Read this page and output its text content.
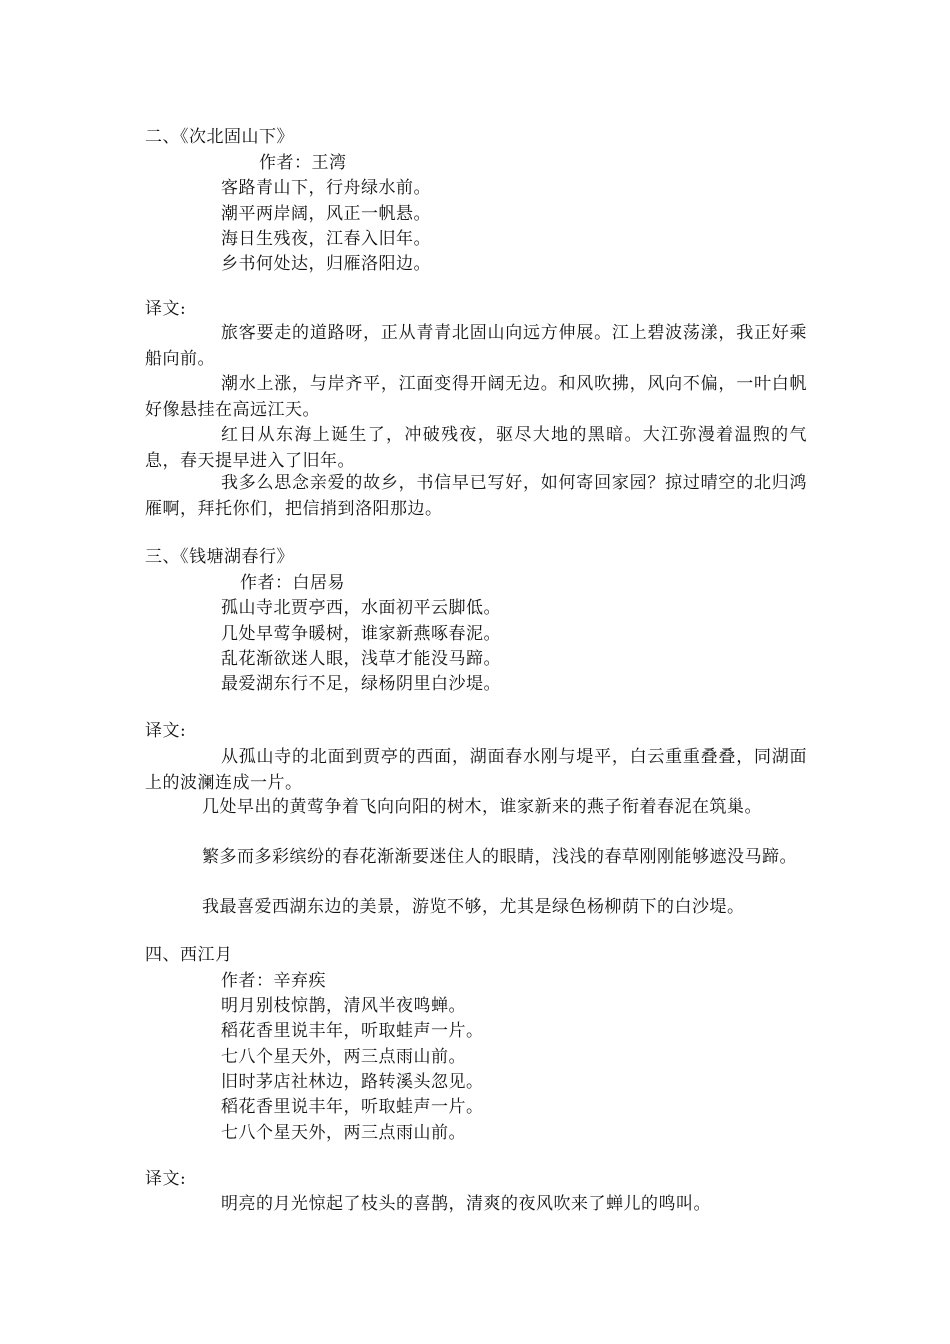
二、《次北固山下》
作者：王湾
客路青山下，行舟绿水前。
潮平两岸阔，风正一帆悬。
海日生残夜，江春入旧年。
乡书何处达，归雁洛阳边。
译文:
旅客要走的道路呀，正从青青北固山向远方伸展。江上碧波荡漾，我正好乘船向前。
潮水上涨，与岸齐平，江面变得开阔无边。和风吹拂，风向不偏，一叶白帆好像悬挂在高远江天。
红日从东海上诞生了，冲破残夜，驱尽大地的黑暗。大江弥漫着温煦的气息，春天提早进入了旧年。
我多么思念亲爱的故乡，书信早已写好，如何寄回家园？掠过晴空的北归鸿雁啊，拜托你们，把信捎到洛阳那边。
三、《钱塘湖春行》
作者：白居易
孤山寺北贾亭西，水面初平云脚低。
几处早莺争暖树，谁家新燕啄春泥。
乱花渐欲迷人眼，浅草才能没马蹄。
最爱湖东行不足，绿杨阴里白沙堤。
译文:
从孤山寺的北面到贾亭的西面，湖面春水刚与堤平，白云重重叠叠，同湖面上的波澜连成一片。
几处早出的黄莺争着飞向向阳的树木，谁家新来的燕子衔着春泥在筑巢。
繁多而多彩缤纷的春花渐渐要迷住人的眼睛，浅浅的春草刚刚能够遮没马蹄。
我最喜爱西湖东边的美景，游览不够，尤其是绿色杨柳荫下的白沙堤。
四、西江月
作者：辛弃疾
明月别枝惊鹊，清风半夜鸣蝉。
稻花香里说丰年，听取蛙声一片。
七八个星天外，两三点雨山前。
旧时茅店社林边，路转溪头忽见。
稻花香里说丰年，听取蛙声一片。
七八个星天外，两三点雨山前。
译文:
明亮的月光惊起了枝头的喜鹊，清爽的夜风吹来了蝉儿的鸣叫。
